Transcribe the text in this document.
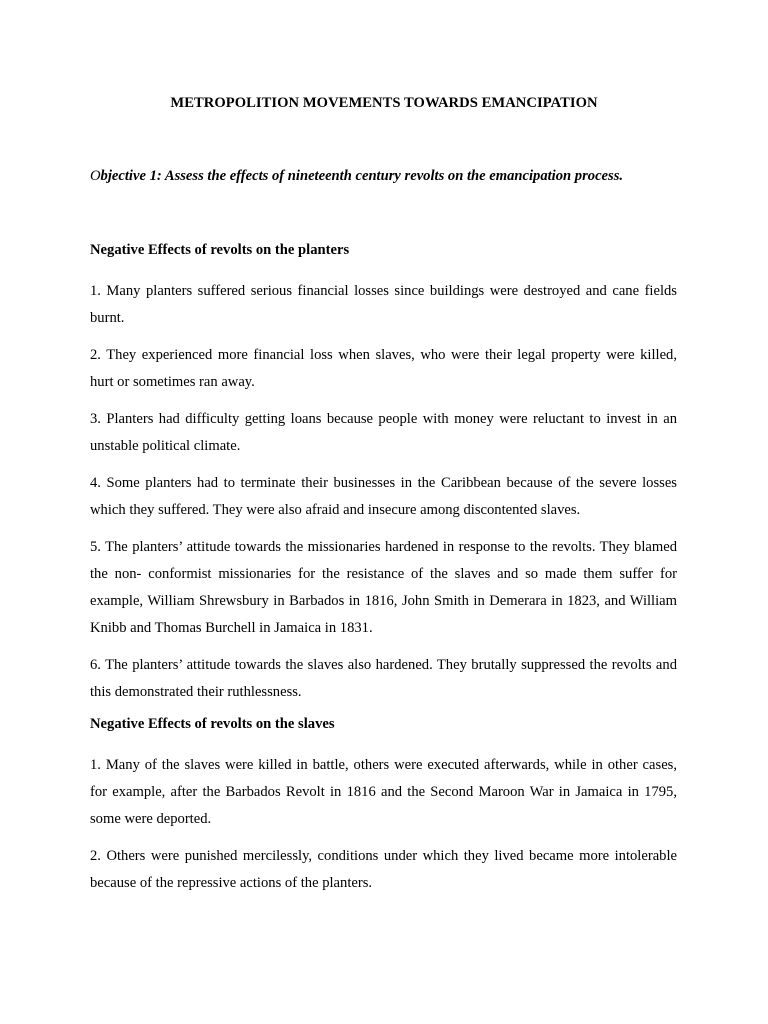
METROPOLITION MOVEMENTS TOWARDS EMANCIPATION
Objective 1: Assess the effects of nineteenth century revolts on the emancipation process.

Negative Effects of revolts on the planters

1. Many planters suffered serious financial losses since buildings were destroyed and cane fields burnt.

2. They experienced more financial loss when slaves, who were their legal property were killed, hurt or sometimes ran away.

3. Planters had difficulty getting loans because people with money were reluctant to invest in an unstable political climate.

4. Some planters had to terminate their businesses in the Caribbean because of the severe losses which they suffered. They were also afraid and insecure among discontented slaves.

5. The planters’ attitude towards the missionaries hardened in response to the revolts. They blamed the non- conformist missionaries for the resistance of the slaves and so made them suffer for example, William Shrewsbury in Barbados in 1816, John Smith in Demerara in 1823, and William Knibb and Thomas Burchell in Jamaica in 1831.

6. The planters’ attitude towards the slaves also hardened. They brutally suppressed the revolts and this demonstrated their ruthlessness.

Negative Effects of revolts on the slaves

1. Many of the slaves were killed in battle, others were executed afterwards, while in other cases, for example, after the Barbados Revolt in 1816 and the Second Maroon War in Jamaica in 1795, some were deported.

2. Others were punished mercilessly, conditions under which they lived became more intolerable because of the repressive actions of the planters.
